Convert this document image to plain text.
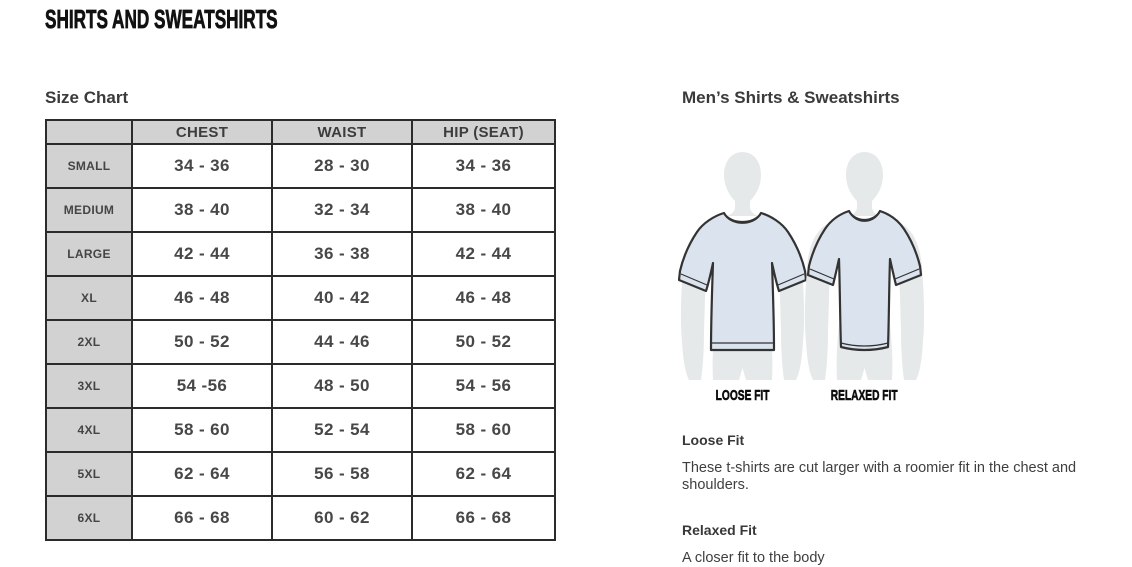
SHIRTS AND SWEATSHIRTS
Size Chart
	CHEST	WAIST	HIP (SEAT)
SMALL	34 - 36	28 - 30	34 - 36
MEDIUM	38 - 40	32 - 34	38 - 40
LARGE	42 - 44	36 - 38	42 - 44
XL	46 - 48	40 - 42	46 - 48
2XL	50 - 52	44 - 46	50 - 52
3XL	54 -56	48 - 50	54 - 56
4XL	58 - 60	52 - 54	58 - 60
5XL	62 - 64	56 - 58	62 - 64
6XL	66 - 68	60 - 62	66 - 68
Men’s Shirts & Sweatshirts
LOOSE FIT	RELAXED FIT
Loose Fit

These t-shirts are cut larger with a roomier fit in the chest and shoulders.

Relaxed Fit

A closer fit to the body
